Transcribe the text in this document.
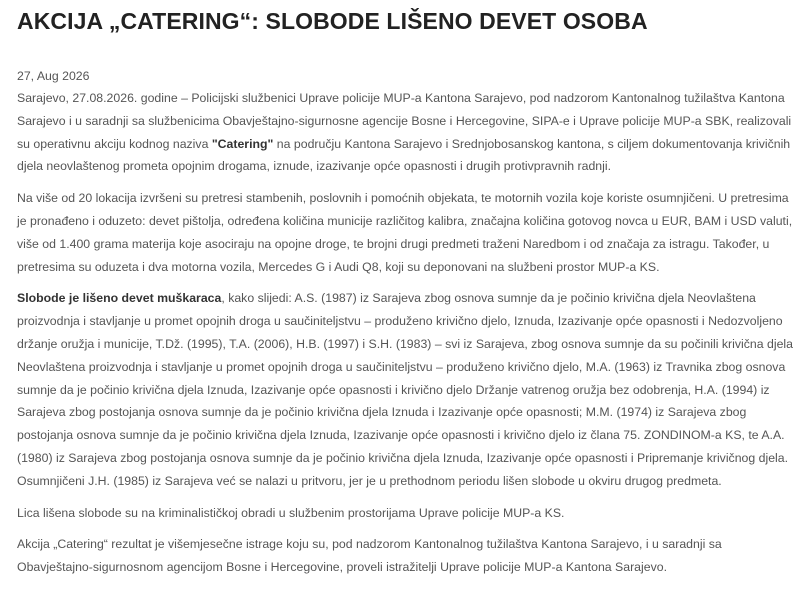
AKCIJA „CATERING“: SLOBODE LIŠENO DEVET OSOBA
27, Aug 2026

Sarajevo, 27.08.2026. godine – Policijski službenici Uprave policije MUP-a Kantona Sarajevo, pod nadzorom Kantonalnog tužilaštva Kantona Sarajevo i u saradnji sa službenicima Obavještajno-sigurnosne agencije Bosne i Hercegovine, SIPA-e i Uprave policije MUP-a SBK, realizovali su operativnu akciju kodnog naziva "Catering" na području Kantona Sarajevo i Srednjobosanskog kantona, s ciljem dokumentovanja krivičnih djela neovlaštenog prometa opojnim drogama, iznude, izazivanje opće opasnosti i drugih protivpravnih radnji.

Na više od 20 lokacija izvršeni su pretresi stambenih, poslovnih i pomoćnih objekata, te motornih vozila koje koriste osumnjičeni. U pretresima je pronađeno i oduzeto: devet pištolja, određena količina municije različitog kalibra, značajna količina gotovog novca u EUR, BAM i USD valuti, više od 1.400 grama materija koje asociraju na opojne droge, te brojni drugi predmeti traženi Naredbom i od značaja za istragu. Također, u pretresima su oduzeta i dva motorna vozila, Mercedes G i Audi Q8, koji su deponovani na službeni prostor MUP-a KS.

Slobode je lišeno devet muškaraca, kako slijedi: A.S. (1987) iz Sarajeva zbog osnova sumnje da je počinio krivična djela Neovlaštena proizvodnja i stavljanje u promet opojnih droga u saučiniteljstvu – produženo krivično djelo, Iznuda, Izazivanje opće opasnosti i Nedozvoljeno držanje oružja i municije, T.Dž. (1995), T.A. (2006), H.B. (1997) i S.H. (1983) – svi iz Sarajeva, zbog osnova sumnje da su počinili krivična djela Neovlaštena proizvodnja i stavljanje u promet opojnih droga u saučiniteljstvu – produženo krivično djelo, M.A. (1963) iz Travnika zbog osnova sumnje da je počinio krivična djela Iznuda, Izazivanje opće opasnosti i krivično djelo Držanje vatrenog oružja bez odobrenja, H.A. (1994) iz Sarajeva zbog postojanja osnova sumnje da je počinio krivična djela Iznuda i Izazivanje opće opasnosti; M.M. (1974) iz Sarajeva zbog postojanja osnova sumnje da je počinio krivična djela Iznuda, Izazivanje opće opasnosti i krivično djelo iz člana 75. ZONDINOM-a KS, te A.A. (1980) iz Sarajeva zbog postojanja osnova sumnje da je počinio krivična djela Iznuda, Izazivanje opće opasnosti i Pripremanje krivičnog djela. Osumnjičeni J.H. (1985) iz Sarajeva već se nalazi u pritvoru, jer je u prethodnom periodu lišen slobode u okviru drugog predmeta.

Lica lišena slobode su na kriminalističkoj obradi u službenim prostorijama Uprave policije MUP-a KS.

Akcija „Catering“ rezultat je višemjesečne istrage koju su, pod nadzorom Kantonalnog tužilaštva Kantona Sarajevo, i u saradnji sa Obavještajno-sigurnosnom agencijom Bosne i Hercegovine, proveli istražitelji Uprave policije MUP-a Kantona Sarajevo.
